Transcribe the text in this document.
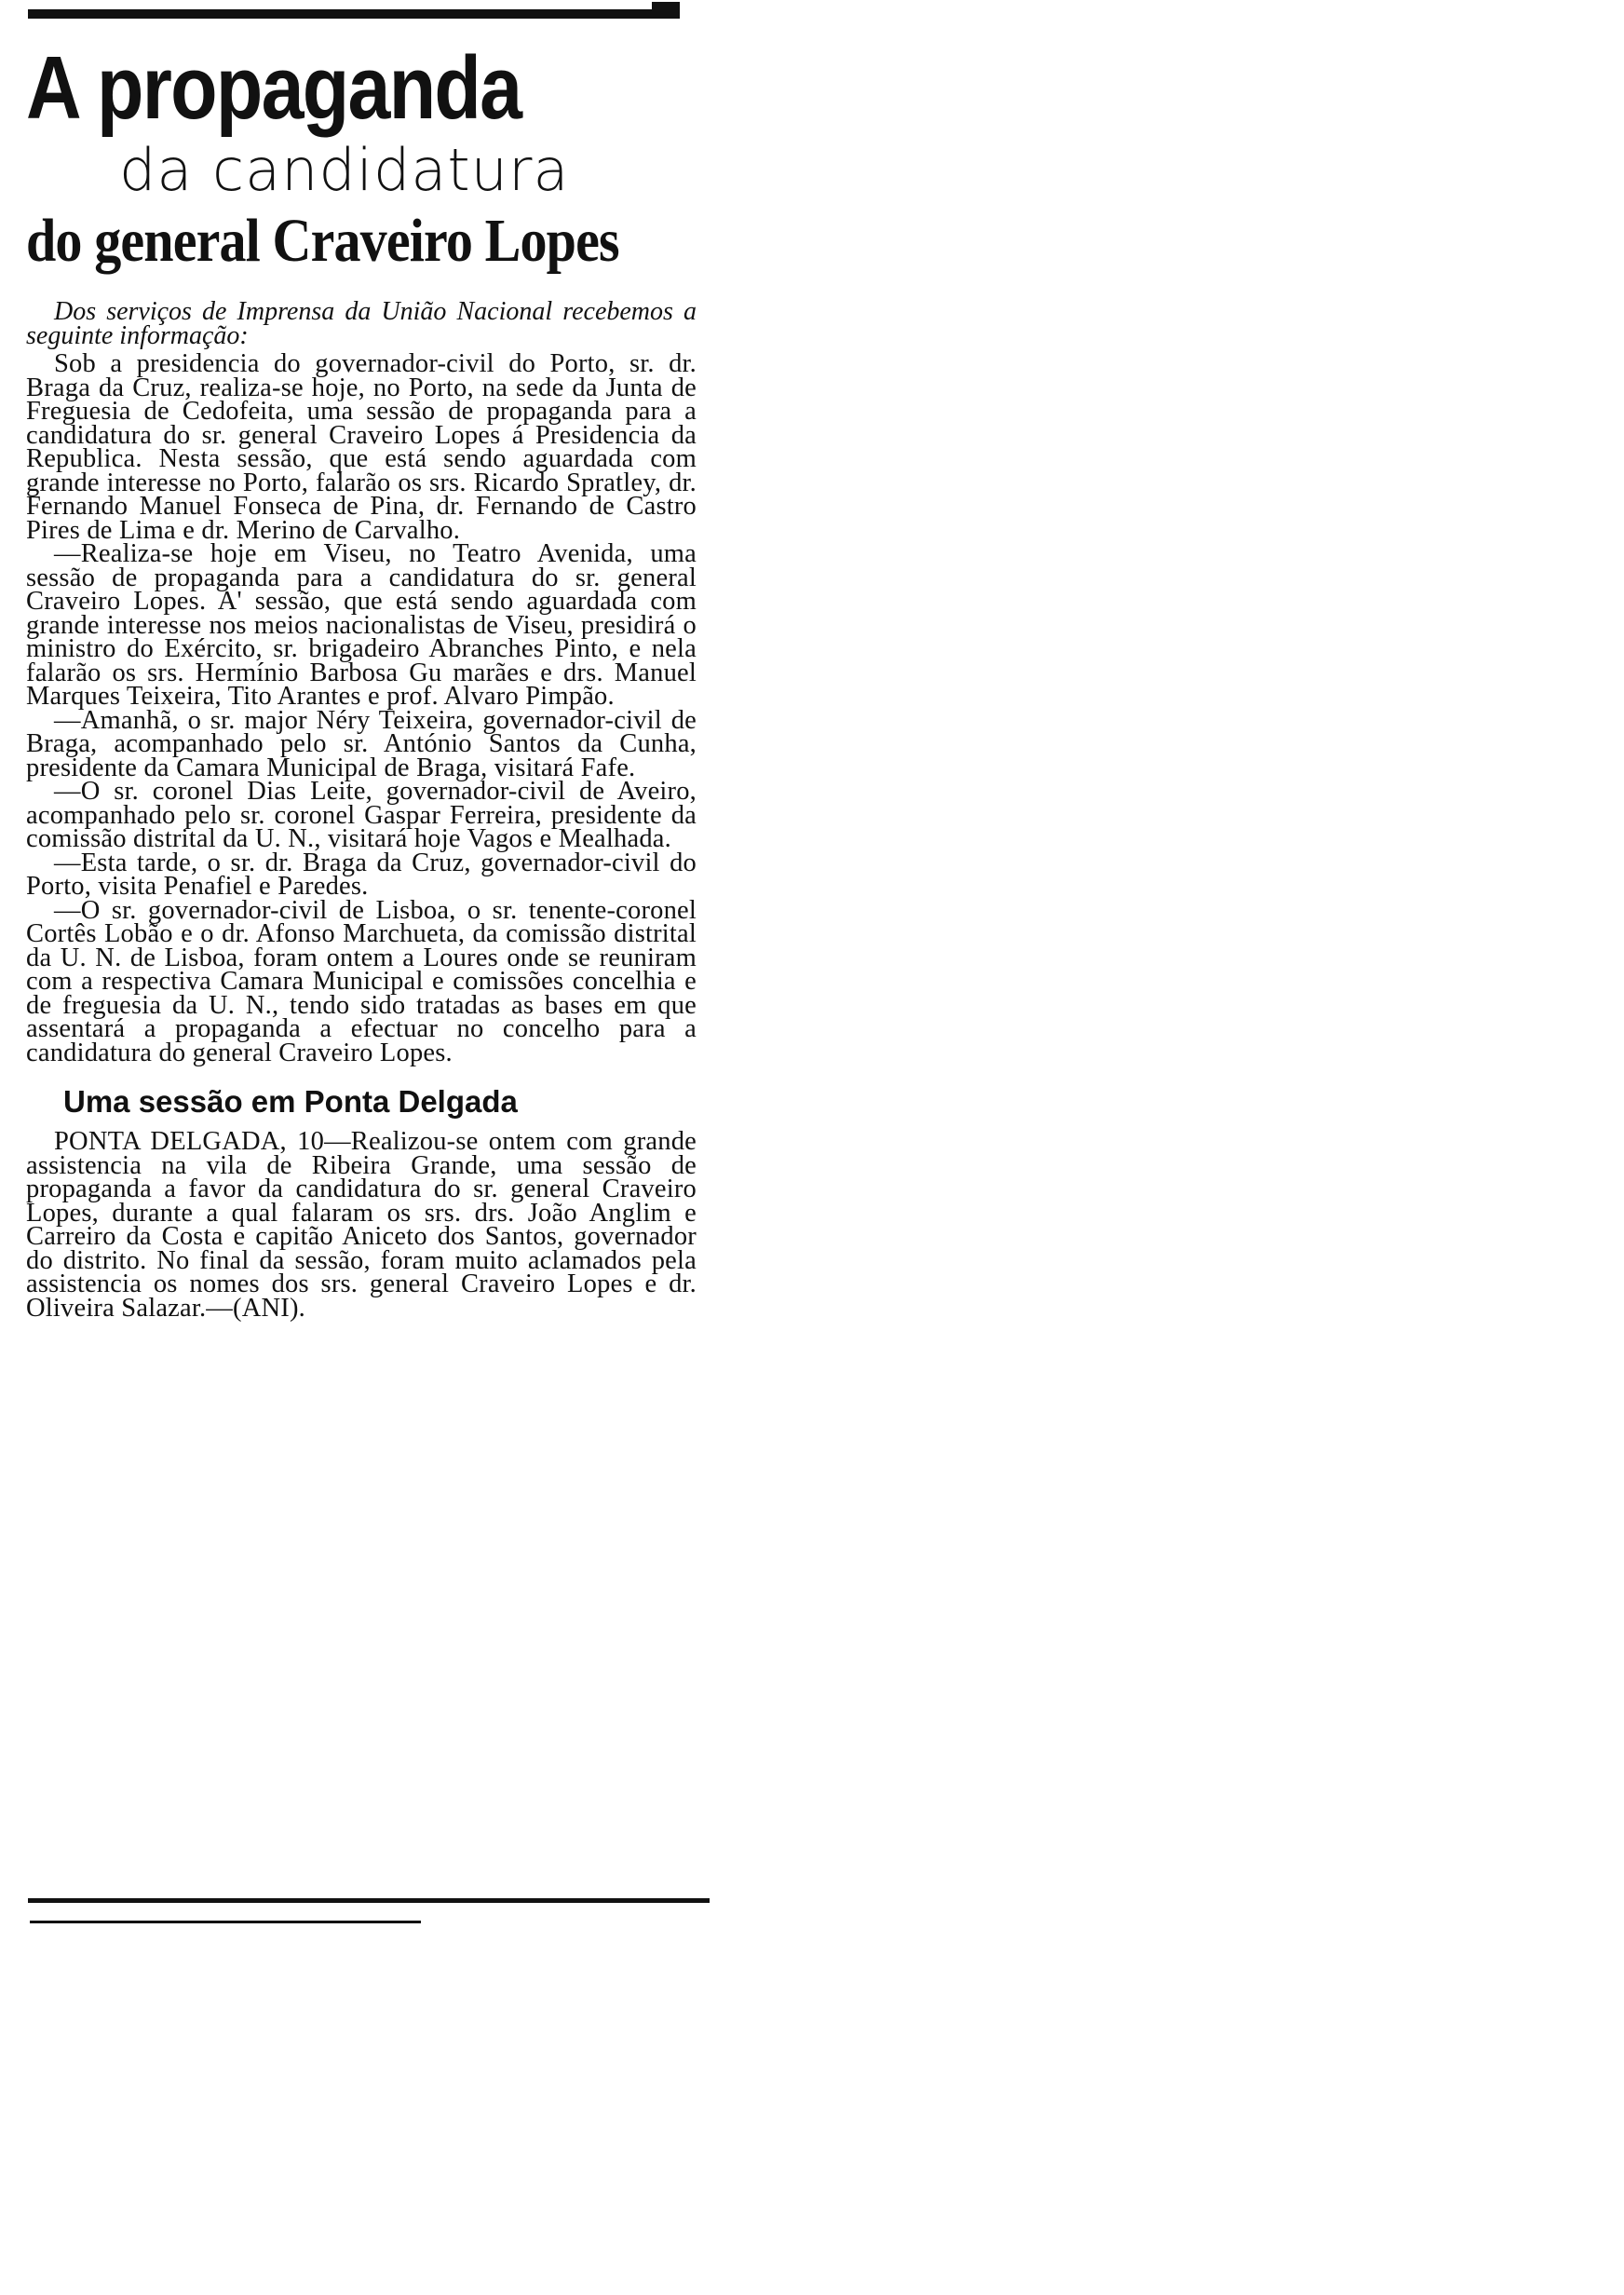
A propaganda
da candidatura
do general Craveiro Lopes

Dos serviços de Imprensa da União Nacional recebemos a seguinte informação:

Sob a presidencia do governador-civil do Porto, sr. dr. Braga da Cruz, realiza-se hoje, no Porto, na sede da Junta de Freguesia de Cedofeita, uma sessão de propaganda para a candidatura do sr. general Craveiro Lopes á Presidencia da Republica. Nesta sessão, que está sendo aguardada com grande interesse no Porto, falarão os srs. Ricardo Spratley, dr. Fernando Manuel Fonseca de Pina, dr. Fernando de Castro Pires de Lima e dr. Merino de Carvalho.

—Realiza-se hoje em Viseu, no Teatro Avenida, uma sessão de propaganda para a candidatura do sr. general Craveiro Lopes. A' sessão, que está sendo aguardada com grande interesse nos meios nacionalistas de Viseu, presidirá o ministro do Exército, sr. brigadeiro Abranches Pinto, e nela falarão os srs. Hermínio Barbosa Gu marães e drs. Manuel Marques Teixeira, Tito Arantes e prof. Alvaro Pimpão.

—Amanhã, o sr. major Néry Teixeira, governador-civil de Braga, acompanhado pelo sr. António Santos da Cunha, presidente da Camara Municipal de Braga, visitará Fafe.

—O sr. coronel Dias Leite, governador-civil de Aveiro, acompanhado pelo sr. coronel Gaspar Ferreira, presidente da comissão distrital da U. N., visitará hoje Vagos e Mealhada.

—Esta tarde, o sr. dr. Braga da Cruz, governador-civil do Porto, visita Penafiel e Paredes.

—O sr. governador-civil de Lisboa, o sr. tenente-coronel Cortês Lobão e o dr. Afonso Marchueta, da comissão distrital da U. N. de Lisboa, foram ontem a Loures onde se reuniram com a respectiva Camara Municipal e comissões concelhia e de freguesia da U. N., tendo sido tratadas as bases em que assentará a propaganda a efectuar no concelho para a candidatura do general Craveiro Lopes.

Uma sessão em Ponta Delgada

PONTA DELGADA, 10—Realizou-se ontem com grande assistencia na vila de Ribeira Grande, uma sessão de propaganda a favor da candidatura do sr. general Craveiro Lopes, durante a qual falaram os srs. drs. João Anglim e Carreiro da Costa e capitão Aniceto dos Santos, governador do distrito. No final da sessão, foram muito aclamados pela assistencia os nomes dos srs. general Craveiro Lopes e dr. Oliveira Salazar.—(ANI).
